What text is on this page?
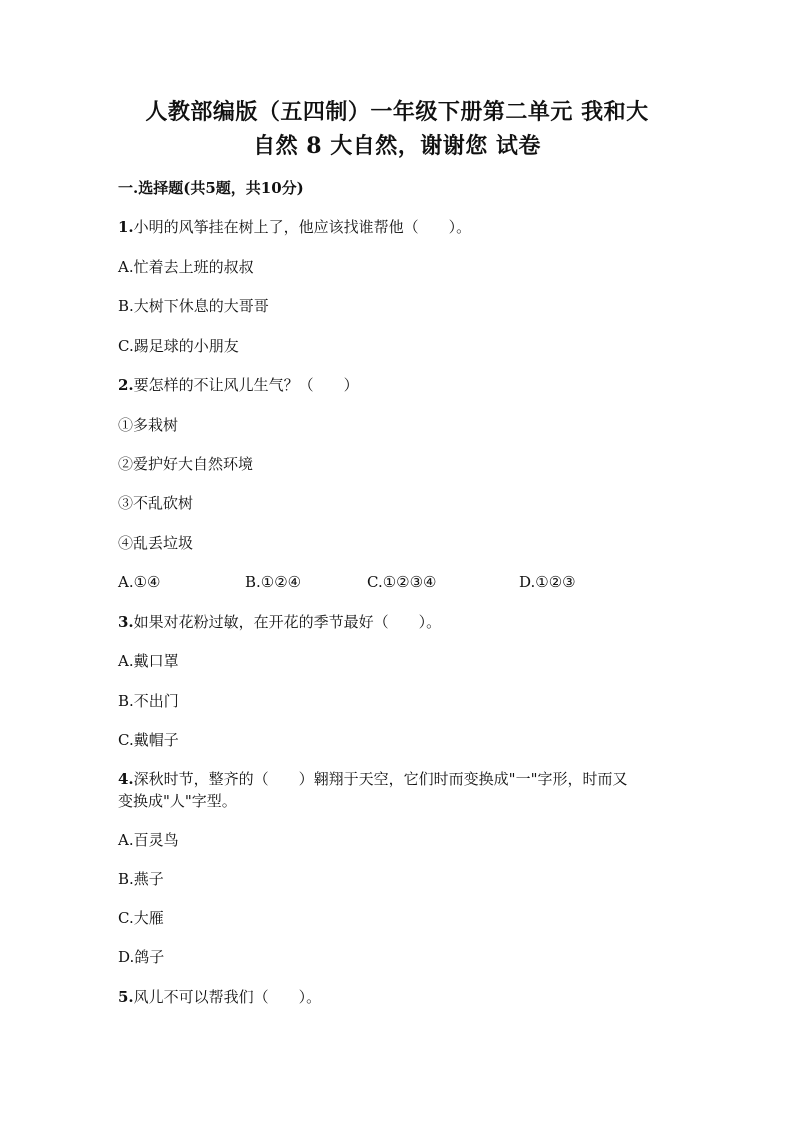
人教部编版（五四制）一年级下册第二单元 我和大
自然 8 大自然，谢谢您 试卷
一.选择题(共5题，共10分)
1.小明的风筝挂在树上了，他应该找谁帮他（　　）。
A.忙着去上班的叔叔
B.大树下休息的大哥哥
C.踢足球的小朋友
2.要怎样的不让风儿生气？（　　）
①多栽树
②爱护好大自然环境
③不乱砍树
④乱丢垃圾
A.①④	B.①②④	C.①②③④	D.①②③
3.如果对花粉过敏，在开花的季节最好（　　）。
A.戴口罩
B.不出门
C.戴帽子
4.深秋时节，整齐的（　　）翱翔于天空，它们时而变换成"一"字形，时而又
变换成"人"字型。
A.百灵鸟
B.燕子
C.大雁
D.鸽子
5.风儿不可以帮我们（　　）。
